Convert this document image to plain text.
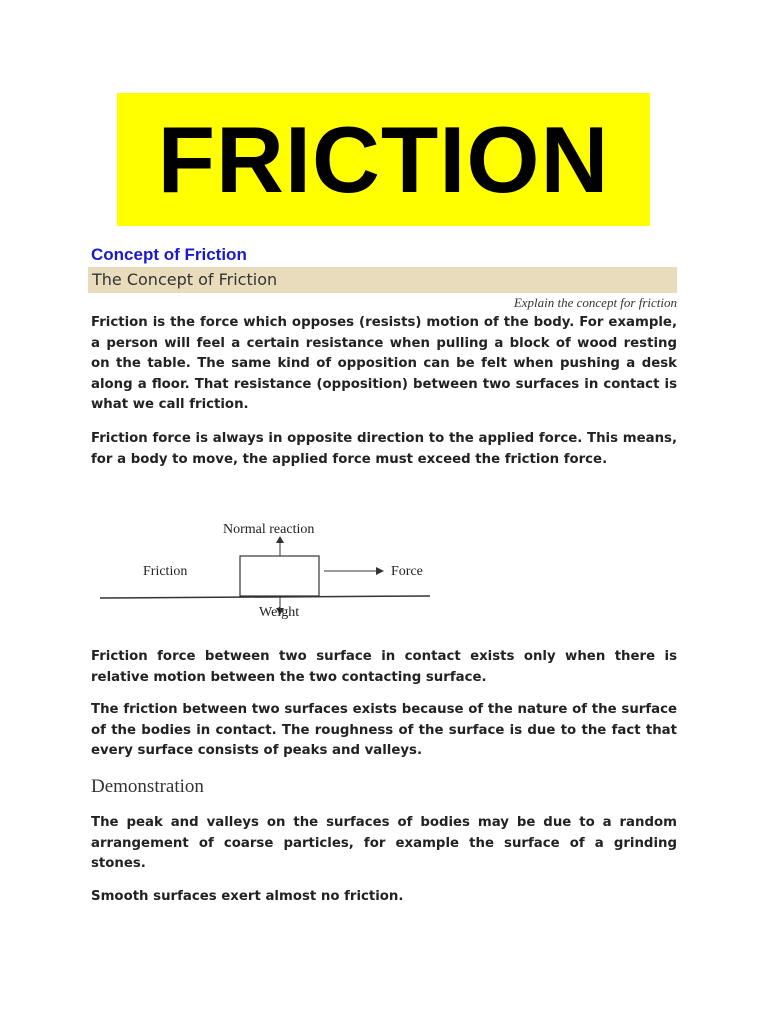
FRICTION
Concept of Friction
The Concept of Friction
Explain the concept for friction

Friction is the force which opposes (resists) motion of the body. For example, a person will feel a certain resistance when pulling a block of wood resting on the table. The same kind of opposition can be felt when pushing a desk along a floor. That resistance (opposition) between two surfaces in contact is what we call friction.

Friction force is always in opposite direction to the applied force. This means, for a body to move, the applied force must exceed the friction force.

Normal reaction
Friction	Force
Weight

Friction force between two surface in contact exists only when there is relative motion between the two contacting surface.

The friction between two surfaces exists because of the nature of the surface of the bodies in contact. The roughness of the surface is due to the fact that every surface consists of peaks and valleys.

Demonstration

The peak and valleys on the surfaces of bodies may be due to a random arrangement of coarse particles, for example the surface of a grinding stones.

Smooth surfaces exert almost no friction.
